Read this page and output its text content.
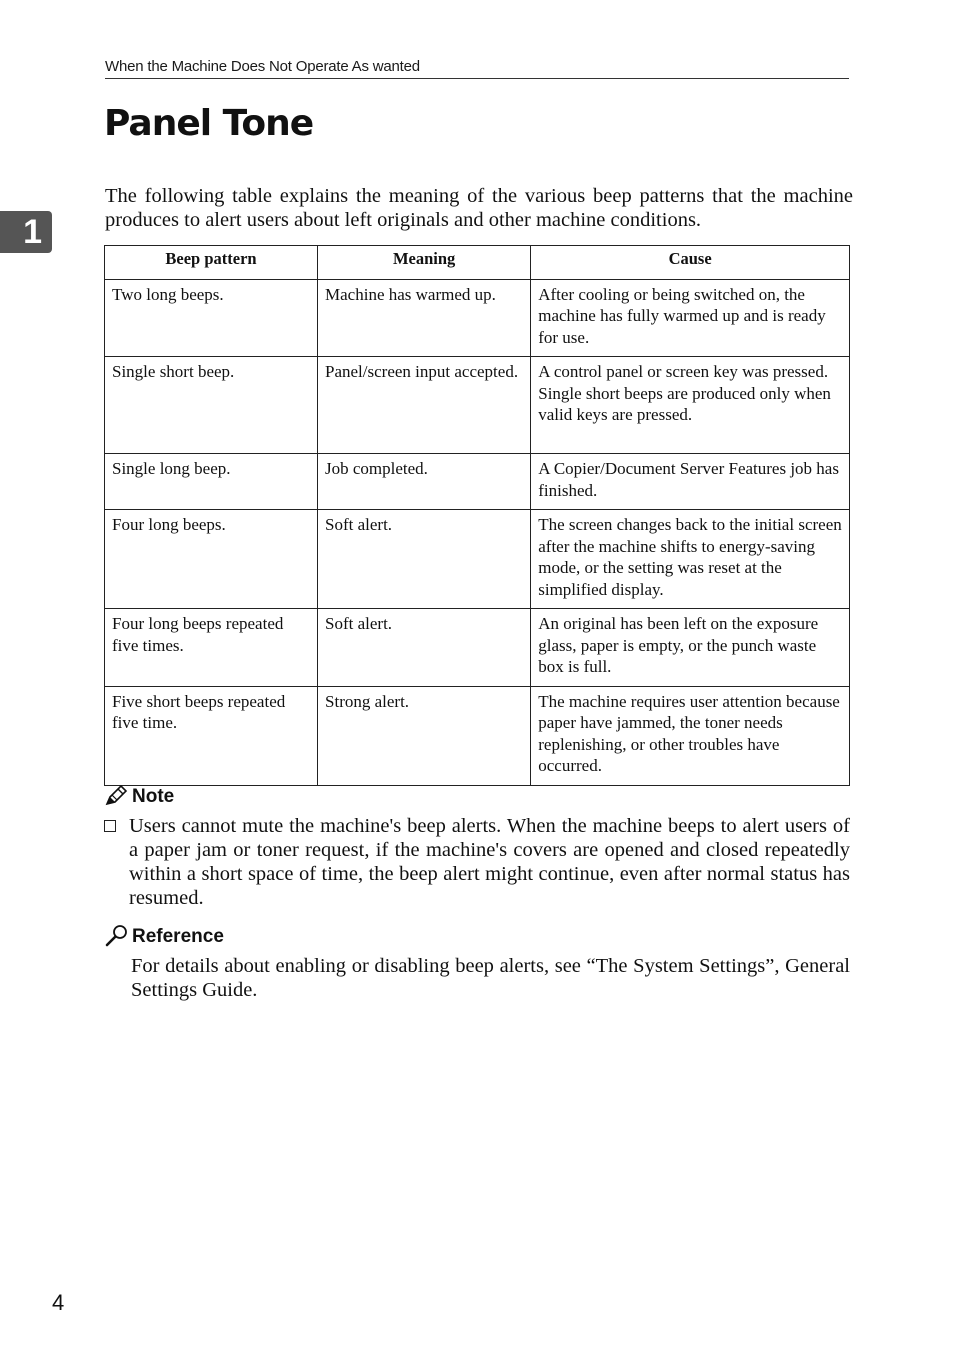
When the Machine Does Not Operate As wanted
1
Panel Tone

The following table explains the meaning of the various beep patterns that the machine produces to alert users about left originals and other machine conditions.

Beep pattern	Meaning	Cause
Two long beeps.	Machine has warmed up.	After cooling or being switched on, the machine has fully warmed up and is ready for use.
Single short beep.	Panel/screen input accepted.	A control panel or screen key was pressed. Single short beeps are produced only when valid keys are pressed.
Single long beep.	Job completed.	A Copier/Document Server Features job has finished.
Four long beeps.	Soft alert.	The screen changes back to the initial screen after the machine shifts to energy-saving mode, or the setting was reset at the simplified display.
Four long beeps repeated five times.	Soft alert.	An original has been left on the exposure glass, paper is empty, or the punch waste box is full.
Five short beeps repeated five time.	Strong alert.	The machine requires user attention because paper have jammed, the toner needs replenishing, or other troubles have occurred.
Note

Users cannot mute the machine's beep alerts. When the machine beeps to alert users of a paper jam or toner request, if the machine's covers are opened and closed repeatedly within a short space of time, the beep alert might continue, even after normal status has resumed.

Reference

For details about enabling or disabling beep alerts, see “The System Settings”, General Settings Guide.

4
